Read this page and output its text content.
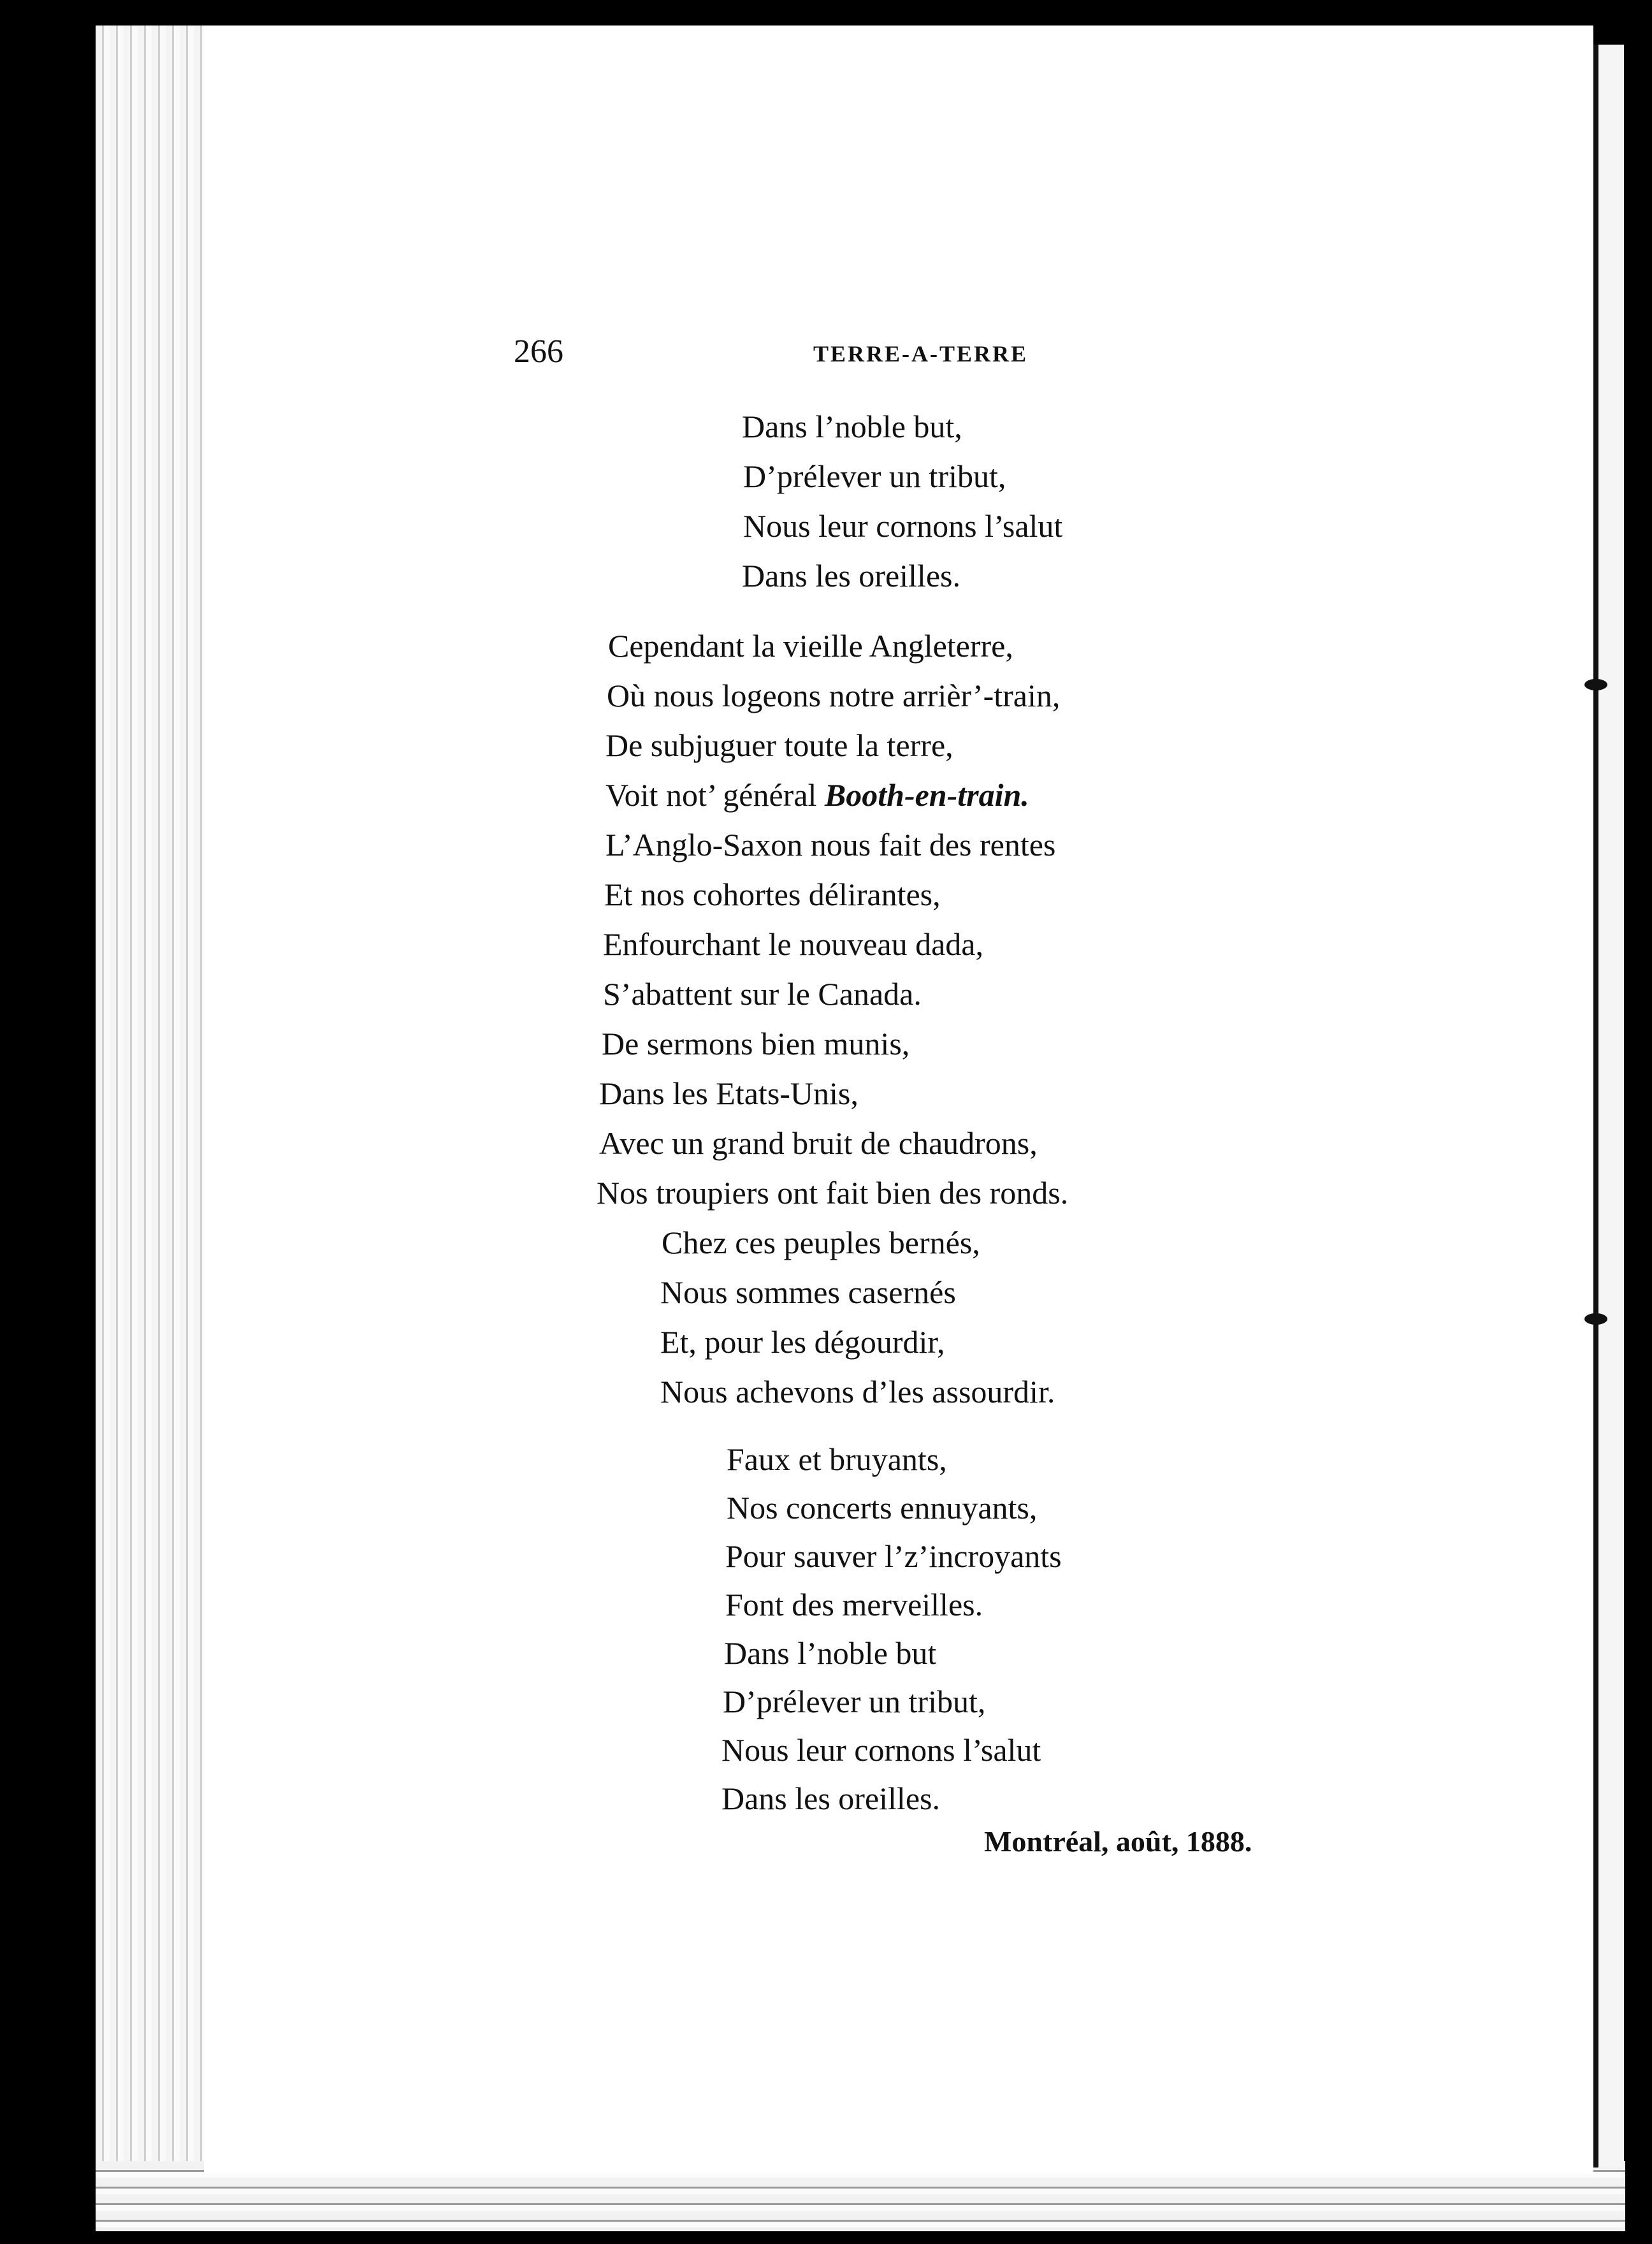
266	TERRE-A-TERRE
Dans l’noble but,
D’prélever un tribut,
Nous leur cornons l’salut
Dans les oreilles.
Cependant la vieille Angleterre,
Où nous logeons notre arrièr’-train,
De subjuguer toute la terre,
Voit not’ général Booth-en-train.
L’Anglo-Saxon nous fait des rentes
Et nos cohortes délirantes,
Enfourchant le nouveau dada,
S’abattent sur le Canada.
De sermons bien munis,
Dans les Etats-Unis,
Avec un grand bruit de chaudrons,
Nos troupiers ont fait bien des ronds.
Chez ces peuples bernés,
Nous sommes casernés
Et, pour les dégourdir,
Nous achevons d’les assourdir.
Faux et bruyants,
Nos concerts ennuyants,
Pour sauver l’z’incroyants
Font des merveilles.
Dans l’noble but
D’prélever un tribut,
Nous leur cornons l’salut
Dans les oreilles.
Montréal, août, 1888.
